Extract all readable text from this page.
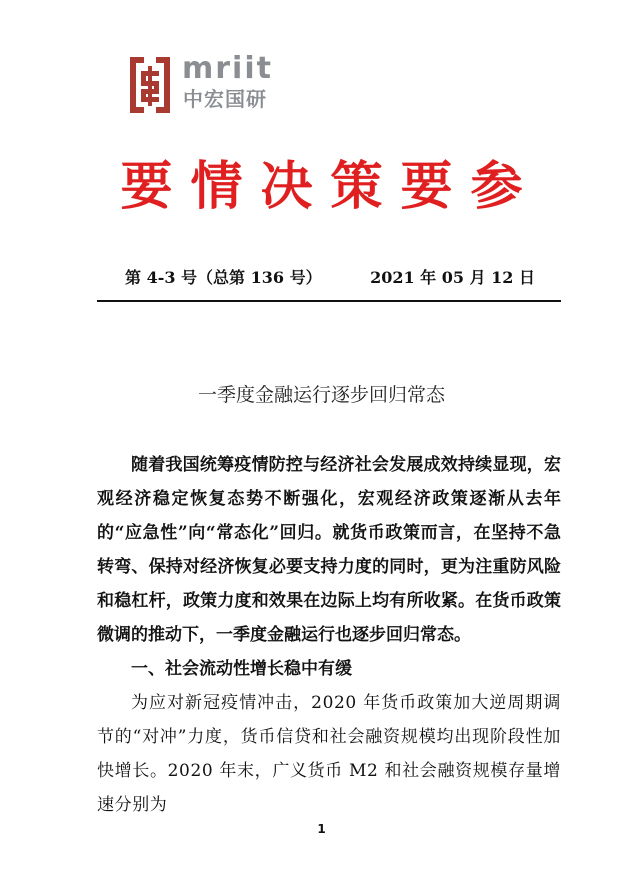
mriit
中宏国研
要情决策要参
第 4-3 号（总第 136 号）	2021 年 05 月 12 日
一季度金融运行逐步回归常态

随着我国统筹疫情防控与经济社会发展成效持续显现，宏观经济稳定恢复态势不断强化，宏观经济政策逐渐从去年的“应急性”向“常态化”回归。就货币政策而言，在坚持不急转弯、保持对经济恢复必要支持力度的同时，更为注重防风险和稳杠杆，政策力度和效果在边际上均有所收紧。在货币政策微调的推动下，一季度金融运行也逐步回归常态。

一、社会流动性增长稳中有缓

为应对新冠疫情冲击，2020 年货币政策加大逆周期调节的“对冲”力度，货币信贷和社会融资规模均出现阶段性加快增长。2020 年末，广义货币 M2 和社会融资规模存量增速分别为

1
